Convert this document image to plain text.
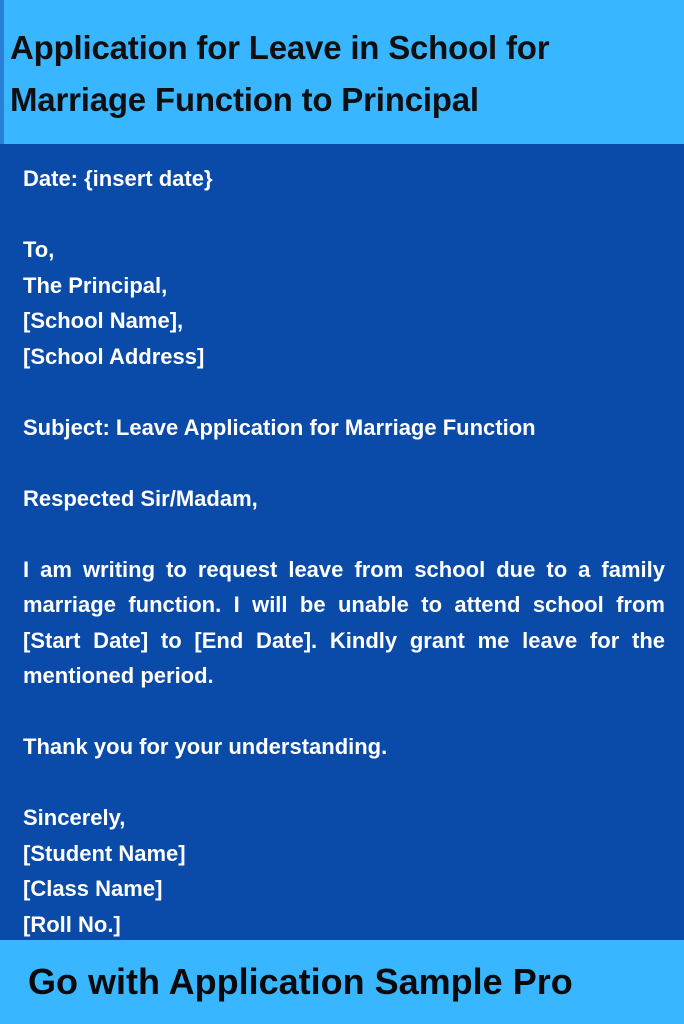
Application for Leave in School for Marriage Function to Principal
Date: {insert date}
To,
The Principal,
[School Name],
[School Address]
Subject: Leave Application for Marriage Function
Respected Sir/Madam,
I am writing to request leave from school due to a family marriage function. I will be unable to attend school from [Start Date] to [End Date]. Kindly grant me leave for the mentioned period.
Thank you for your understanding.
Sincerely,
[Student Name]
[Class Name]
[Roll No.]

Go with Application Sample Pro
